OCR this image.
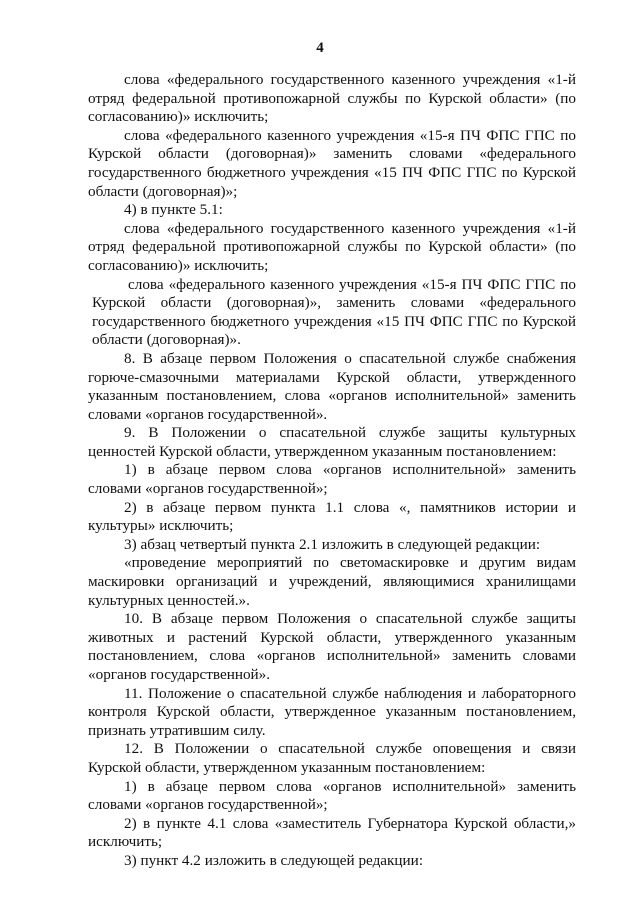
4

слова «федерального государственного казенного учреждения «1-й отряд федеральной противопожарной службы по Курской области» (по согласованию)» исключить;

слова «федерального казенного учреждения «15-я ПЧ ФПС ГПС по Курской области (договорная)» заменить словами «федерального государственного бюджетного учреждения «15 ПЧ ФПС ГПС по Курской области (договорная)»;

4) в пункте 5.1:

слова «федерального государственного казенного учреждения «1-й отряд федеральной противопожарной службы по Курской области» (по согласованию)» исключить;

слова «федерального казенного учреждения «15-я ПЧ ФПС ГПС по Курской области (договорная)», заменить словами «федерального государственного бюджетного учреждения «15 ПЧ ФПС ГПС по Курской области (договорная)».

8. В абзаце первом Положения о спасательной службе снабжения горюче-смазочными материалами Курской области, утвержденного указанным постановлением, слова «органов исполнительной» заменить словами «органов государственной».

9. В Положении о спасательной службе защиты культурных ценностей Курской области, утвержденном указанным постановлением:

1) в абзаце первом слова «органов исполнительной» заменить словами «органов государственной»;

2) в абзаце первом пункта 1.1 слова «, памятников истории и культуры» исключить;

3) абзац четвертый пункта 2.1 изложить в следующей редакции:

«проведение мероприятий по светомаскировке и другим видам маскировки организаций и учреждений, являющимися хранилищами культурных ценностей.».

10. В абзаце первом Положения о спасательной службе защиты животных и растений Курской области, утвержденного указанным постановлением, слова «органов исполнительной» заменить словами «органов государственной».

11. Положение о спасательной службе наблюдения и лабораторного контроля Курской области, утвержденное указанным постановлением, признать утратившим силу.

12. В Положении о спасательной службе оповещения и связи Курской области, утвержденном указанным постановлением:

1) в абзаце первом слова «органов исполнительной» заменить словами «органов государственной»;

2) в пункте 4.1 слова «заместитель Губернатора Курской области,» исключить;

3) пункт 4.2 изложить в следующей редакции:
